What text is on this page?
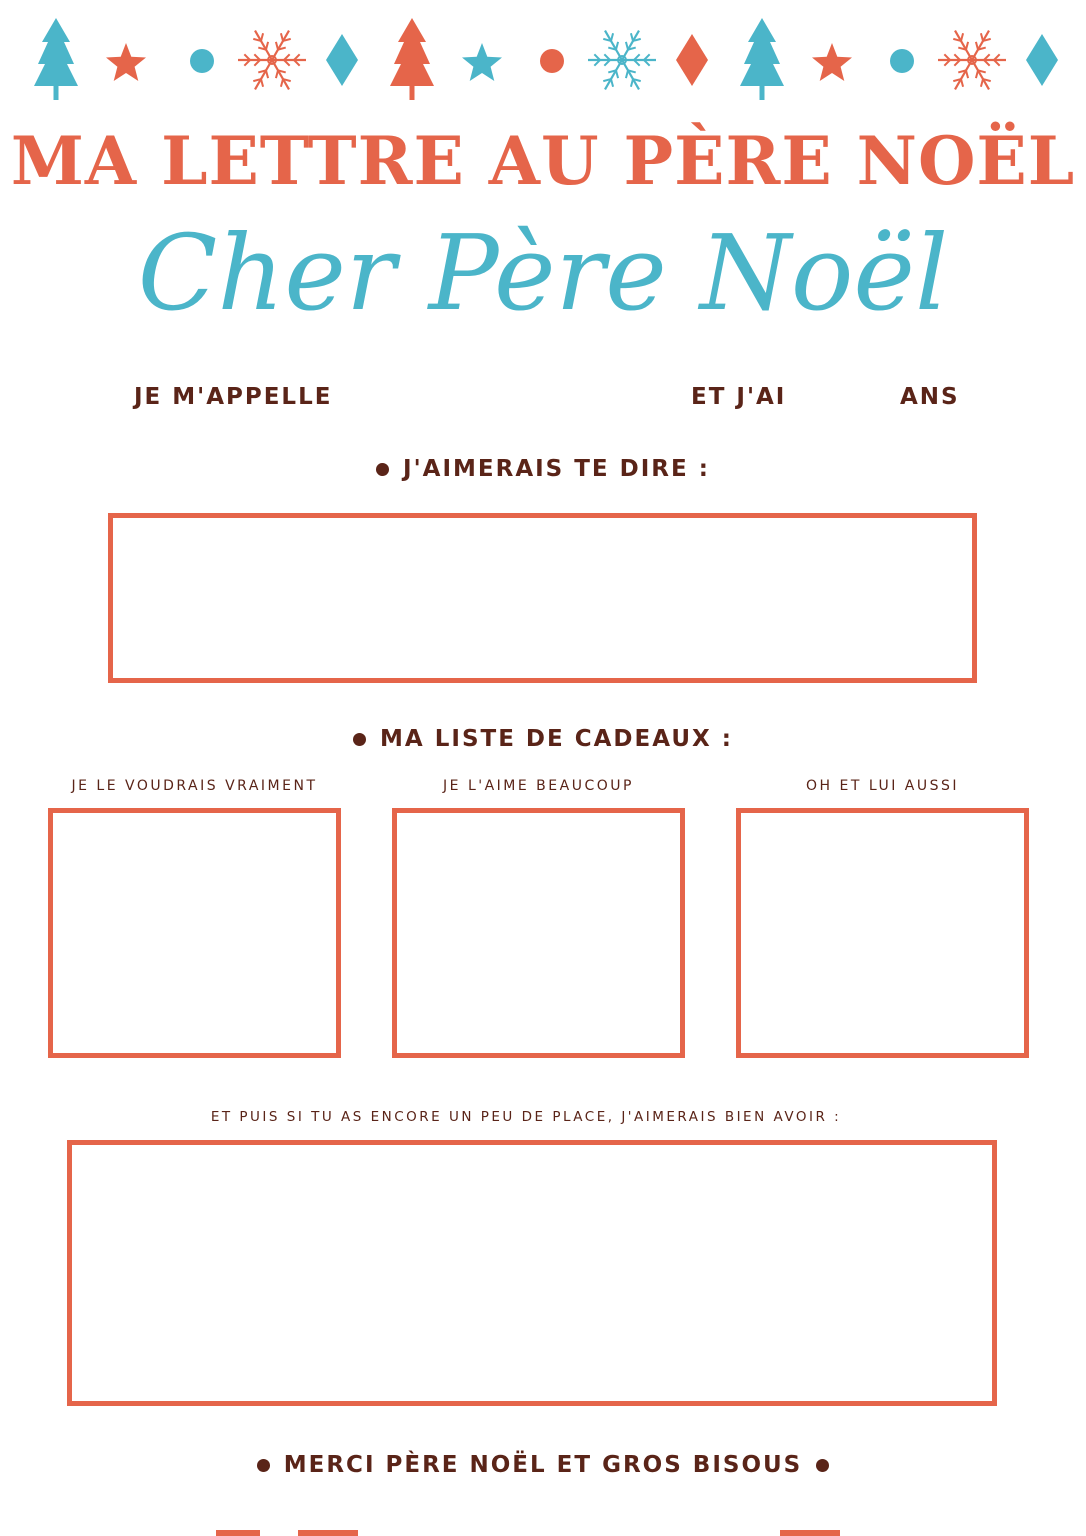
MA LETTRE AU PÈRE NOËL
Cher Père Noël
JE M'APPELLE	ET J'AI	ANS
J'AIMERAIS TE DIRE :
MA LISTE DE CADEAUX :
JE LE VOUDRAIS VRAIMENT	JE L'AIME BEAUCOUP	OH ET LUI AUSSI
ET PUIS SI TU AS ENCORE UN PEU DE PLACE, J'AIMERAIS BIEN AVOIR :
MERCI PÈRE NOËL ET GROS BISOUS
